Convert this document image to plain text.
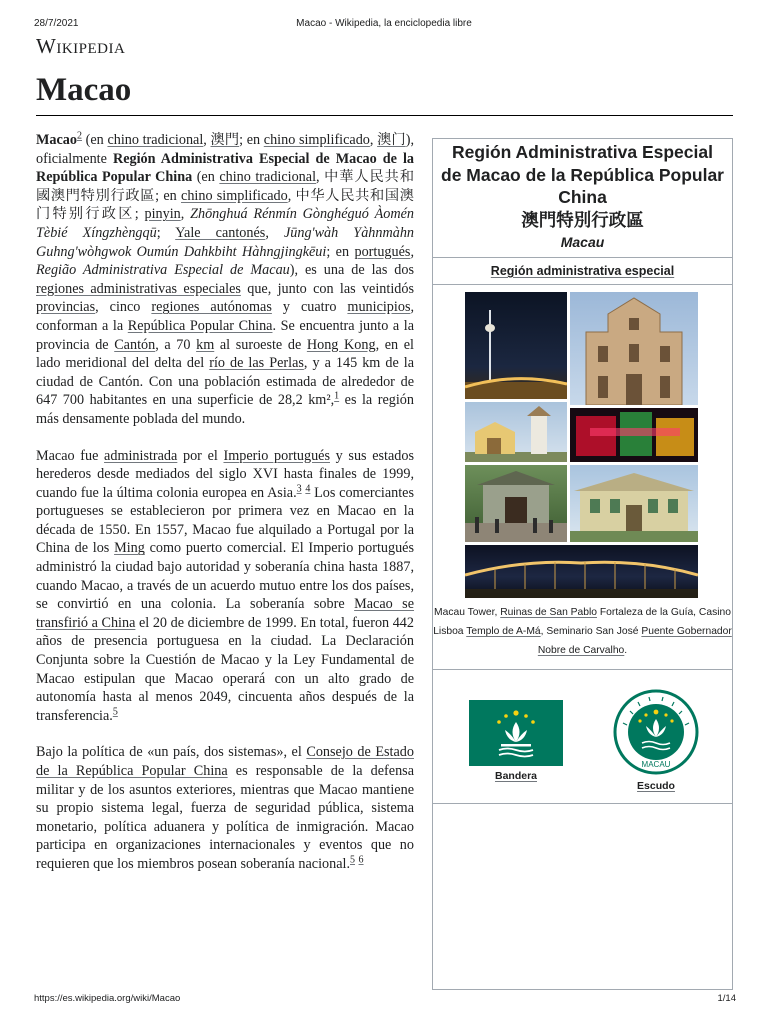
28/7/2021	Macao - Wikipedia, la enciclopedia libre
Wikipedia
Macao

Macao$^2$ (en chino tradicional, 澳門; en chino simplificado, 澳门), oficialmente Región Administrativa Especial de Macao de la República Popular China (en chino tradicional, 中華人民共和國澳門特別行政區; en chino simplificado, 中华人民共和国澳门特别行政区; pinyin, Zhōnghuá Rénmín Gònghéguó Àomén Tèbié Xíngzhèngqū; Yale cantonés, Jūng'wàh Yàhnmàhn Guhng'wòhgwok Oumún Dahkbiht Hàhngjingkēui; en portugués, Região Administrativa Especial de Macau), es una de las dos regiones administrativas especiales que, junto con las veintidós provincias, cinco regiones autónomas y cuatro municipios, conforman a la República Popular China. Se encuentra junto a la provincia de Cantón, a 70 km al suroeste de Hong Kong, en el lado meridional del delta del río de las Perlas, y a 145 km de la ciudad de Cantón. Con una población estimada de alrededor de 647 700 habitantes en una superficie de 28,2 km²,$^1$ es la región más densamente poblada del mundo.

Macao fue administrada por el Imperio portugués y sus estados herederos desde mediados del siglo XVI hasta finales de 1999, cuando fue la última colonia europea en Asia.$^3$ $^4$ Los comerciantes portugueses se establecieron por primera vez en Macao en la década de 1550. En 1557, Macao fue alquilado a Portugal por la China de los Ming como puerto comercial. El Imperio portugués administró la ciudad bajo autoridad y soberanía china hasta 1887, cuando Macao, a través de un acuerdo mutuo entre los dos países, se convirtió en una colonia. La soberanía sobre Macao se transfirió a China el 20 de diciembre de 1999. En total, fueron 442 años de presencia portuguesa en la ciudad. La Declaración Conjunta sobre la Cuestión de Macao y la Ley Fundamental de Macao estipulan que Macao operará con un alto grado de autonomía hasta al menos 2049, cincuenta años después de la transferencia.$^5$

Bajo la política de «un país, dos sistemas», el Consejo de Estado de la República Popular China es responsable de la defensa militar y de los asuntos exteriores, mientras que Macao mantiene su propio sistema legal, fuerza de seguridad pública, sistema monetario, política aduanera y política de inmigración. Macao participa en organizaciones internacionales y eventos que no requieren que los miembros posean soberanía nacional.$^5$ $^6$

Región Administrativa Especial de Macao de la República Popular China
澳門特別行政區
Macau
Región administrativa especial
Macau Tower, Ruinas de San Pablo Fortaleza de la Guía, Casino Lisboa Templo de A-Má, Seminario San José Puente Gobernador Nobre de Carvalho.
Bandera
MACAU
Escudo
https://es.wikipedia.org/wiki/Macao	1/14
